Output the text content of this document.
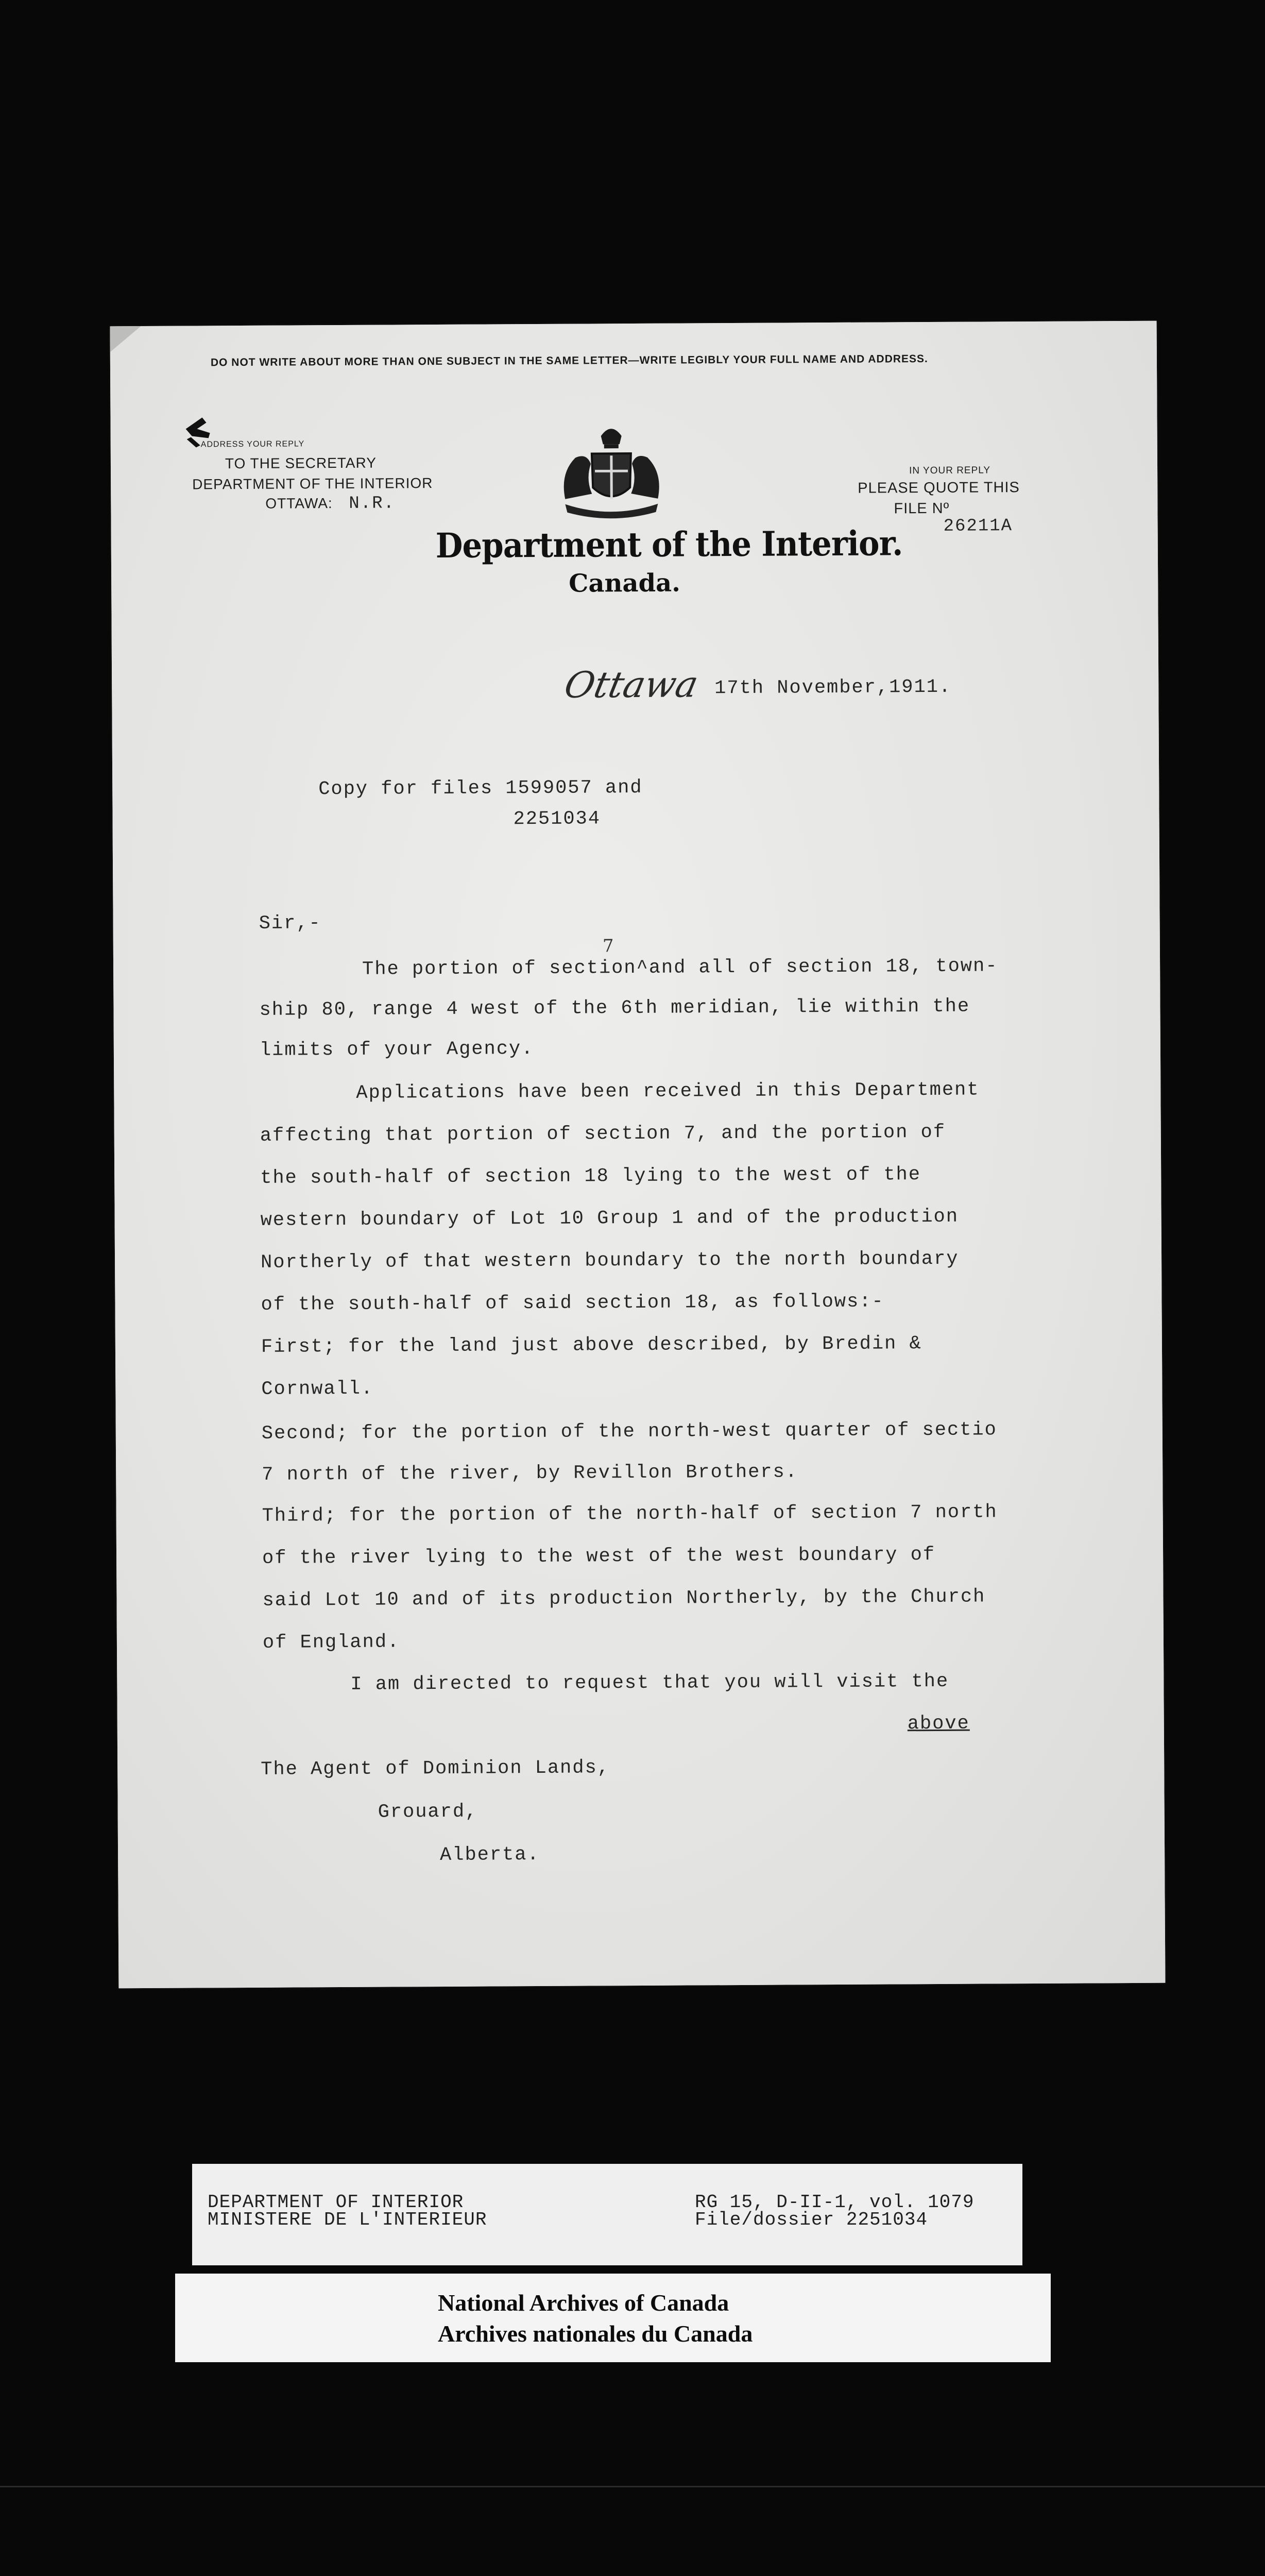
DO NOT WRITE ABOUT MORE THAN ONE SUBJECT IN THE SAME LETTER—WRITE LEGIBLY YOUR FULL NAME AND ADDRESS.
ADDRESS YOUR REPLY
TO THE SECRETARY
DEPARTMENT OF THE INTERIOR
OTTAWA: N.R.
IN YOUR REPLY
PLEASE QUOTE THIS
FILE Nº
26211A
Department of the Interior.
Canada.
Ottawa 17th November,1911.
Copy for files 1599057 and
2251034
Sir,-
7
The portion of section^and all of section 18, town-
ship 80, range 4 west of the 6th meridian, lie within the
limits of your Agency.
Applications have been received in this Department
affecting that portion of section 7, and the portion of
the south-half of section 18 lying to the west of the
western boundary of Lot 10 Group 1 and of the production
Northerly of that western boundary to the north boundary
of the south-half of said section 18, as follows:-
First; for the land just above described, by Bredin &
Cornwall.
Second; for the portion of the north-west quarter of sectio
7 north of the river, by Revillon Brothers.
Third; for the portion of the north-half of section 7 north
of the river lying to the west of the west boundary of
said Lot 10 and of its production Northerly, by the Church
of England.
I am directed to request that you will visit the
above
The Agent of Dominion Lands,
Grouard,
Alberta.
DEPARTMENT OF INTERIOR
MINISTERE DE L'INTERIEUR
RG 15, D-II-1, vol. 1079
File/dossier 2251034
National Archives of Canada
Archives nationales du Canada
